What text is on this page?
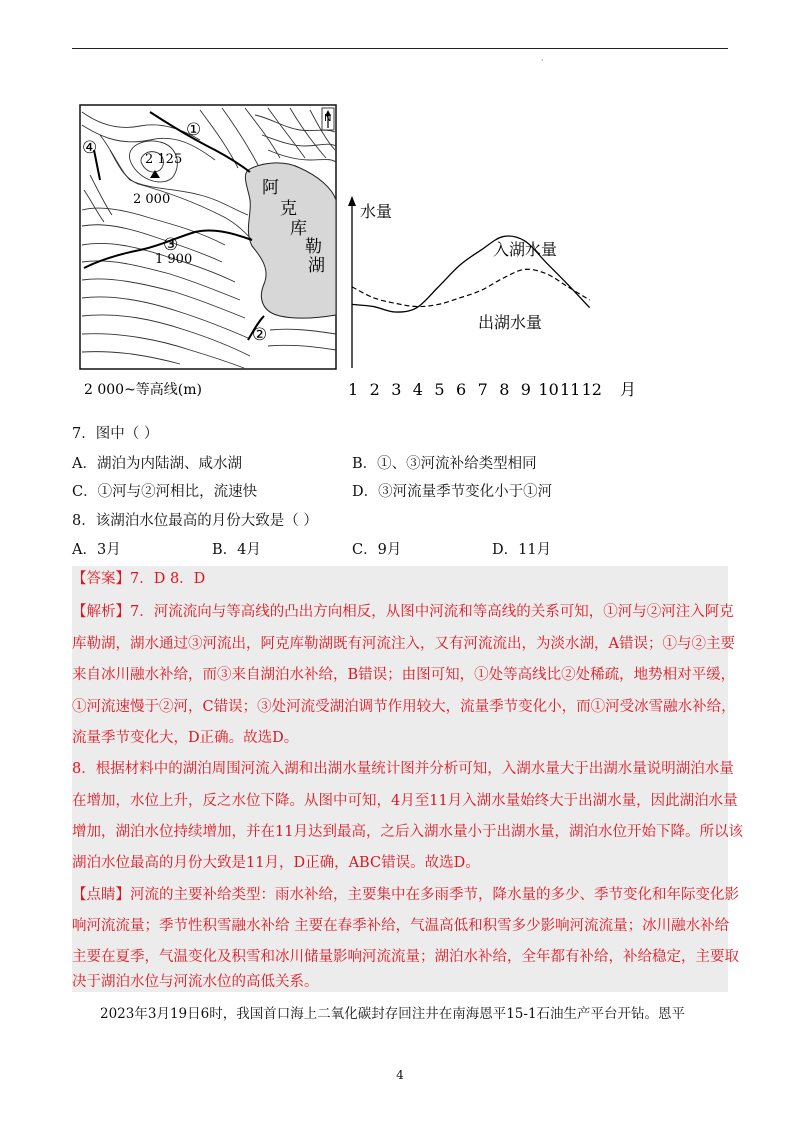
·
①
②
③
④
2 125
2 000
1 900
N
阿
克
库
勒
湖
2 000~等高线(m)
水量
月
入湖水量
出湖水量
1 2 3 4 5 6 7 8 9 10 11 12
7．图中（ ）
A．湖泊为内陆湖、咸水湖	B．①、③河流补给类型相同
C．①河与②河相比，流速快	D．③河流量季节变化小于①河
8．该湖泊水位最高的月份大致是（ ）
A．3月	B．4月	C．9月	D．11月
【答案】7．D 8．D
【解析】7．河流流向与等高线的凸出方向相反，从图中河流和等高线的关系可知，①河与②河注入阿克
库勒湖，湖水通过③河流出，阿克库勒湖既有河流注入，又有河流流出，为淡水湖，A错误；①与②主要
来自冰川融水补给，而③来自湖泊水补给，B错误；由图可知，①处等高线比②处稀疏，地势相对平缓，
①河流速慢于②河，C错误；③处河流受湖泊调节作用较大，流量季节变化小，而①河受冰雪融水补给，
流量季节变化大，D正确。故选D。
8．根据材料中的湖泊周围河流入湖和出湖水量统计图并分析可知，入湖水量大于出湖水量说明湖泊水量
在增加，水位上升，反之水位下降。从图中可知，4月至11月入湖水量始终大于出湖水量，因此湖泊水量
增加，湖泊水位持续增加，并在11月达到最高，之后入湖水量小于出湖水量，湖泊水位开始下降。所以该
湖泊水位最高的月份大致是11月，D正确，ABC错误。故选D。
【点睛】河流的主要补给类型：雨水补给，主要集中在多雨季节，降水量的多少、季节变化和年际变化影
响河流流量；季节性积雪融水补给 主要在春季补给，气温高低和积雪多少影响河流流量；冰川融水补给
主要在夏季，气温变化及积雪和冰川储量影响河流流量；湖泊水补给，全年都有补给，补给稳定，主要取
决于湖泊水位与河流水位的高低关系。
2023年3月19日6时，我国首口海上二氧化碳封存回注井在南海恩平15-1石油生产平台开钻。恩平
4
